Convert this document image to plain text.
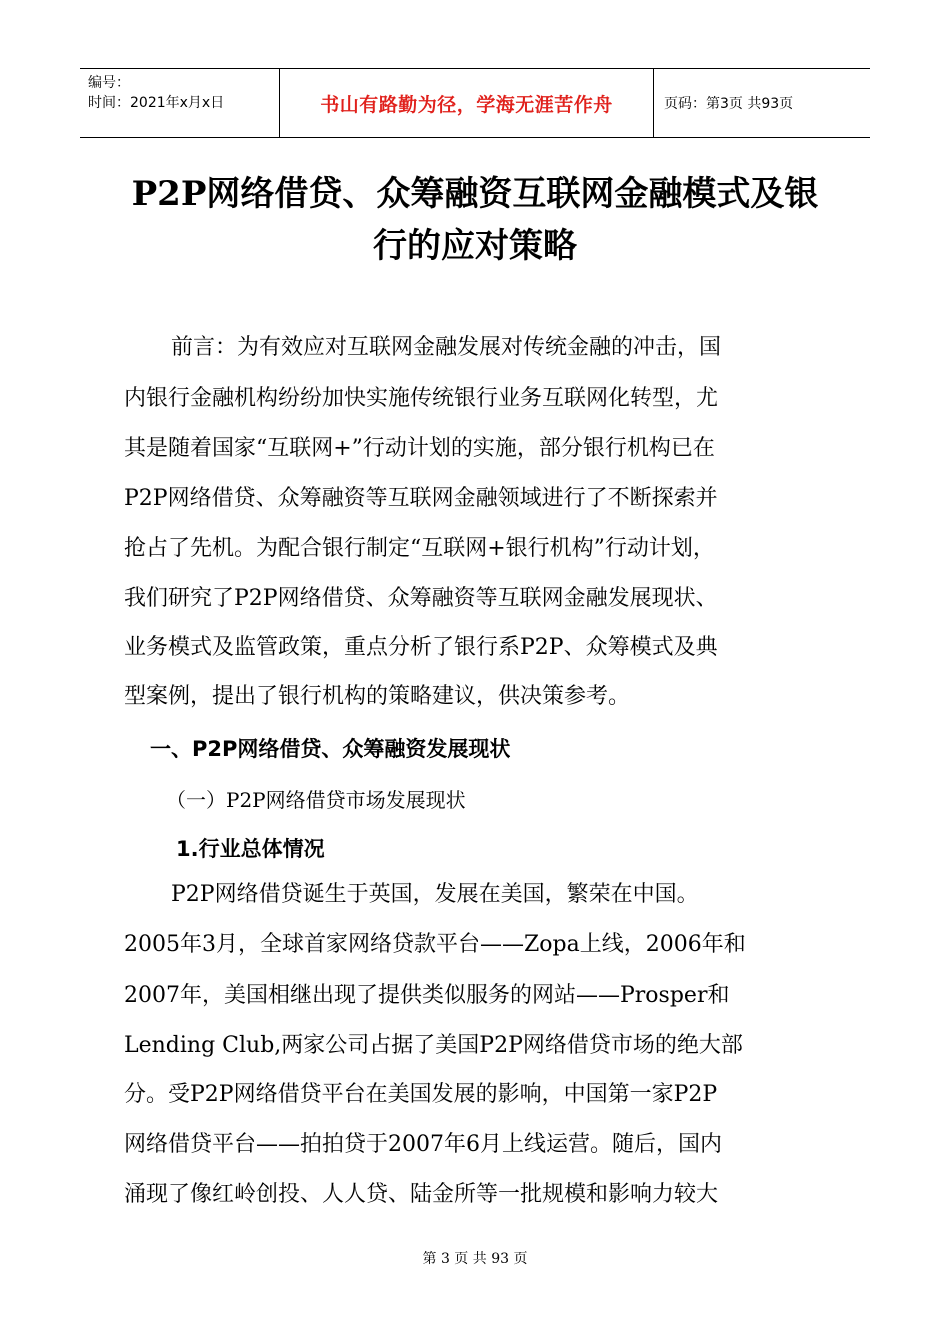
编号：
时间：2021年x月x日	书山有路勤为径，学海无涯苦作舟	页码：第3页 共93页
P2P网络借贷、众筹融资互联网金融模式及银
行的应对策略
前言：为有效应对互联网金融发展对传统金融的冲击，国
内银行金融机构纷纷加快实施传统银行业务互联网化转型，尤
其是随着国家“互联网+”行动计划的实施，部分银行机构已在
P2P网络借贷、众筹融资等互联网金融领域进行了不断探索并
抢占了先机。为配合银行制定“互联网+银行机构”行动计划，
我们研究了P2P网络借贷、众筹融资等互联网金融发展现状、
业务模式及监管政策，重点分析了银行系P2P、众筹模式及典
型案例，提出了银行机构的策略建议，供决策参考。
一、P2P网络借贷、众筹融资发展现状
（一）P2P网络借贷市场发展现状
1.行业总体情况
P2P网络借贷诞生于英国，发展在美国，繁荣在中国。
2005年3月，全球首家网络贷款平台——Zopa上线，2006年和
2007年，美国相继出现了提供类似服务的网站——Prosper和
Lending Club,两家公司占据了美国P2P网络借贷市场的绝大部
分。受P2P网络借贷平台在美国发展的影响，中国第一家P2P
网络借贷平台——拍拍贷于2007年6月上线运营。随后，国内
涌现了像红岭创投、人人贷、陆金所等一批规模和影响力较大
第 3 页 共 93 页
